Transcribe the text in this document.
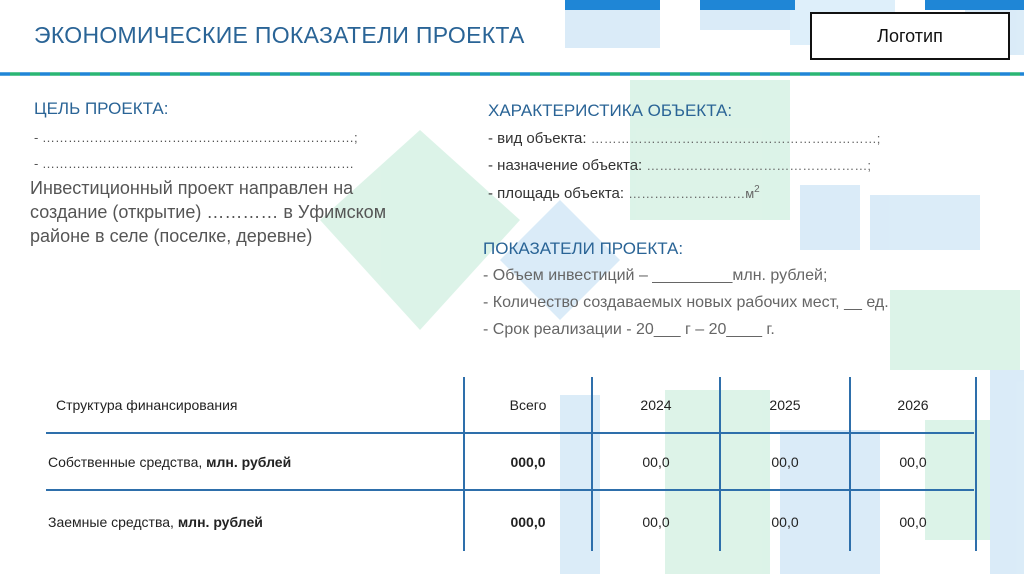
ЭКОНОМИЧЕСКИЕ ПОКАЗАТЕЛИ ПРОЕКТА	Логотип
ЦЕЛЬ ПРОЕКТА:
- ………………………………………………………………;
- ………………………………………………………………
Инвестиционный проект направлен на создание (открытие) ………… в Уфимском районе в селе (поселке, деревне)
ХАРАКТЕРИСТИКА ОБЪЕКТА:
- вид объекта: …………………………………………………………;
- назначение объекта: ……………………………………………;
- площадь объекта: $\dots\dots\dots\dots\dots\dots\dots\dots\dots м^2$
ПОКАЗАТЕЛИ ПРОЕКТА:
- Объем инвестиций – _________млн. рублей;
- Количество создаваемых новых рабочих мест, __ ед.
- Срок реализации - 20___ г – 20____ г.
Структура финансирования	Всего	2024	2025	2026
Собственные средства, млн. рублей	000,0	00,0	00,0	00,0
Заемные средства, млн. рублей	000,0	00,0	00,0	00,0
